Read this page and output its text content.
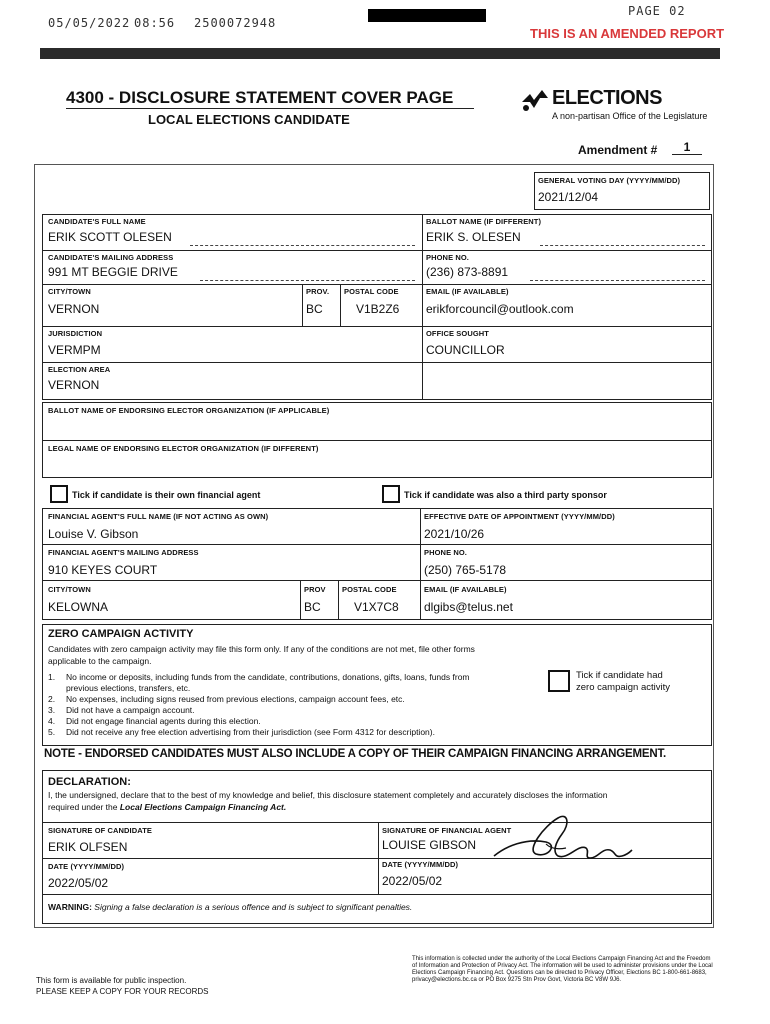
05/05/2022 08:56 2500072948
PAGE 02
THIS IS AN AMENDED REPORT
4300 - DISCLOSURE STATEMENT COVER PAGE
LOCAL ELECTIONS CANDIDATE
ELECTIONS
A non-partisan Office of the Legislature
Amendment #	1
GENERAL VOTING DAY (YYYY/MM/DD)
2021/12/04
CANDIDATE'S FULL NAME
ERIK SCOTT OLESEN
BALLOT NAME (IF DIFFERENT)
ERIK S. OLESEN
CANDIDATE'S MAILING ADDRESS
991 MT BEGGIE DRIVE
PHONE NO.
(236) 873-8891
CITY/TOWN
VERNON
PROV.
BC
POSTAL CODE
V1B2Z6
EMAIL (IF AVAILABLE)
erikforcouncil@outlook.com
JURISDICTION
VERMPM
OFFICE SOUGHT
COUNCILLOR
ELECTION AREA
VERNON
BALLOT NAME OF ENDORSING ELECTOR ORGANIZATION (IF APPLICABLE)
LEGAL NAME OF ENDORSING ELECTOR ORGANIZATION (IF DIFFERENT)
Tick if candidate is their own financial agent	Tick if candidate was also a third party sponsor
FINANCIAL AGENT'S FULL NAME (IF NOT ACTING AS OWN)
Louise V. Gibson
EFFECTIVE DATE OF APPOINTMENT (YYYY/MM/DD)
2021/10/26
FINANCIAL AGENT'S MAILING ADDRESS
910 KEYES COURT
PHONE NO.
(250) 765-5178
CITY/TOWN
KELOWNA
PROV
BC
POSTAL CODE
V1X7C8
EMAIL (IF AVAILABLE)
dlgibs@telus.net
ZERO CAMPAIGN ACTIVITY
Candidates with zero campaign activity may file this form only. If any of the conditions are not met, file other forms
applicable to the campaign.
1.	No income or deposits, including funds from the candidate, contributions, donations, gifts, loans, funds from
previous elections, transfers, etc.
2.	No expenses, including signs reused from previous elections, campaign account fees, etc.
3.	Did not have a campaign account.
4.	Did not engage financial agents during this election.
5.	Did not receive any free election advertising from their jurisdiction (see Form 4312 for description).
Tick if candidate had
zero campaign activity
NOTE - ENDORSED CANDIDATES MUST ALSO INCLUDE A COPY OF THEIR CAMPAIGN FINANCING ARRANGEMENT.
DECLARATION:
I, the undersigned, declare that to the best of my knowledge and belief, this disclosure statement completely and accurately discloses the information
required under the Local Elections Campaign Financing Act.
SIGNATURE OF CANDIDATE
ERIK OLFSEN
SIGNATURE OF FINANCIAL AGENT
LOUISE GIBSON
DATE (YYYY/MM/DD)
2022/05/02
DATE (YYYY/MM/DD)
2022/05/02
WARNING: Signing a false declaration is a serious offence and is subject to significant penalties.
This form is available for public inspection.
PLEASE KEEP A COPY FOR YOUR RECORDS
This information is collected under the authority of the Local Elections Campaign Financing Act and the Freedom
of Information and Protection of Privacy Act. The information will be used to administer provisions under the Local
Elections Campaign Financing Act. Questions can be directed to Privacy Officer, Elections BC 1-800-661-8683,
privacy@elections.bc.ca or PO Box 9275 Stn Prov Govt, Victoria BC V8W 9J6.
